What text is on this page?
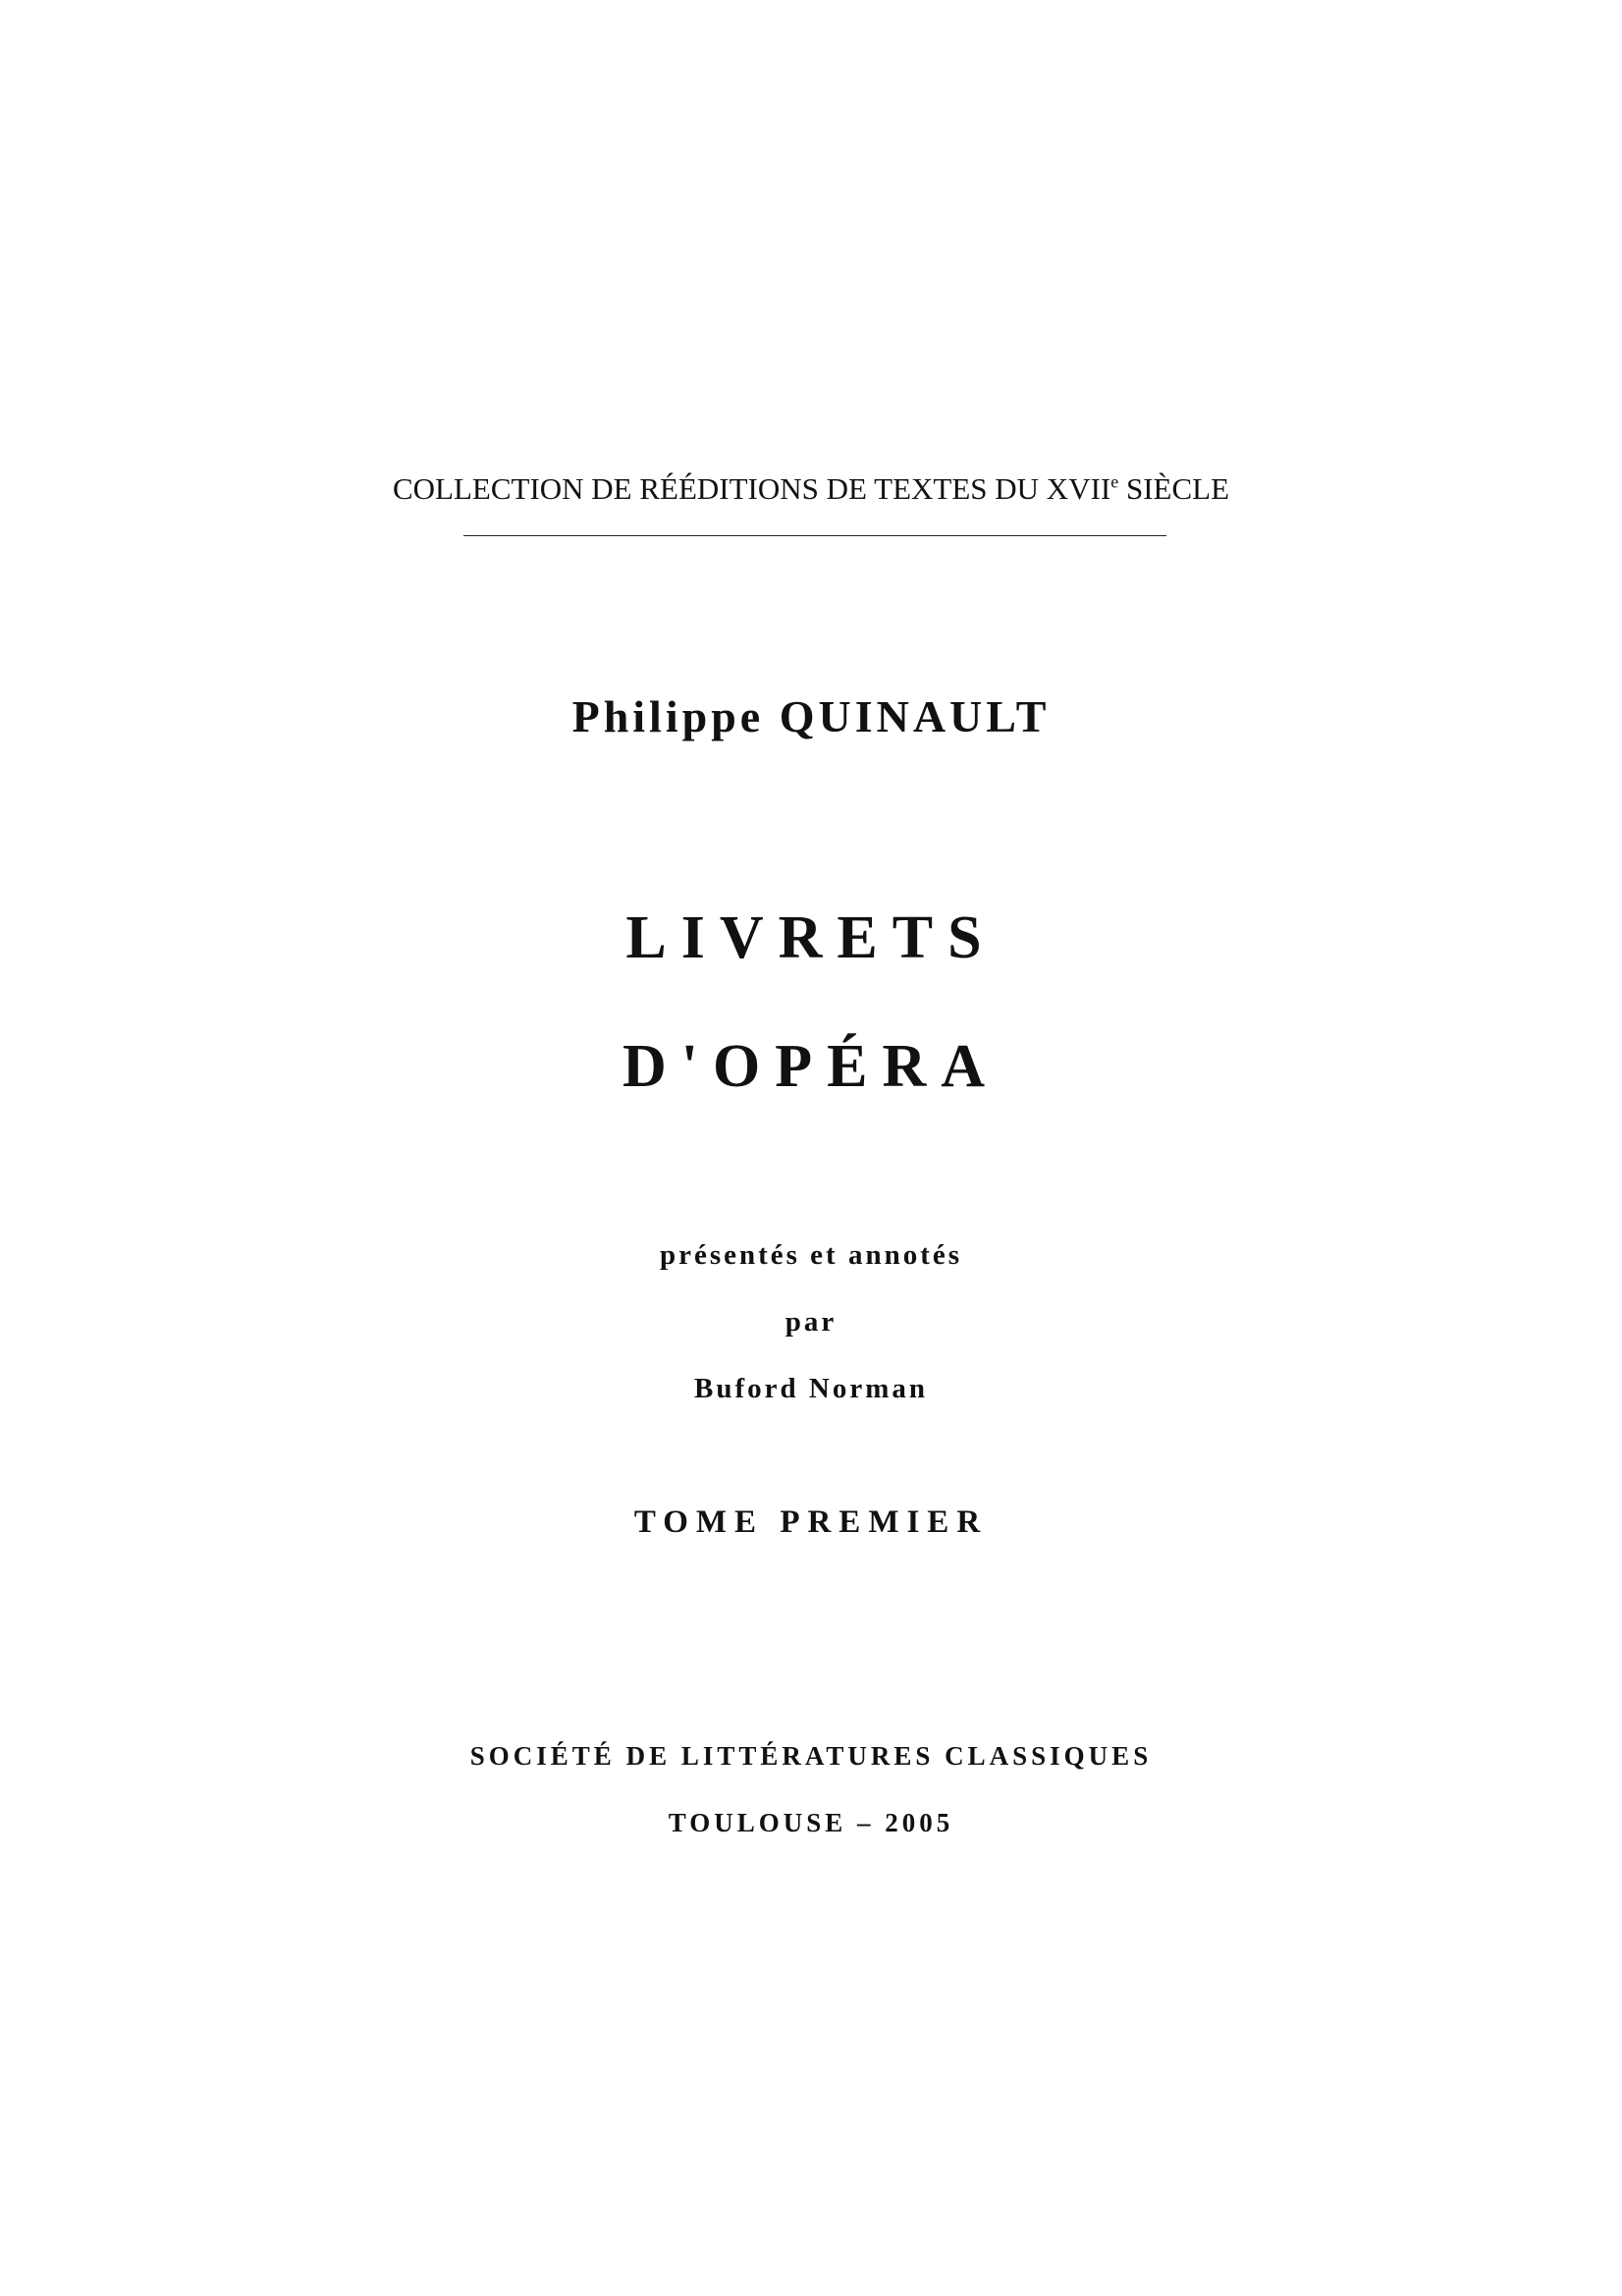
COLLECTION DE RÉÉDITIONS DE TEXTES DU XVIIe SIÈCLE
Philippe QUINAULT
LIVRETS
D'OPÉRA
présentés et annotés
par
Buford Norman
TOME PREMIER
SOCIÉTÉ DE LITTÉRATURES CLASSIQUES
TOULOUSE – 2005
